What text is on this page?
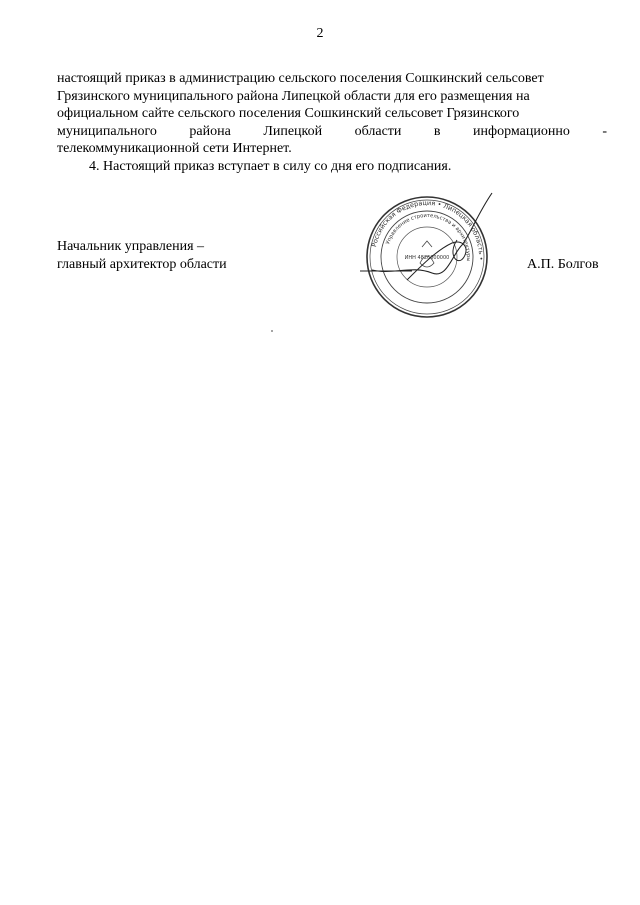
2

настоящий приказ в администрацию сельского поселения Сошкинский сельсовет

Грязинского муниципального района Липецкой области для его размещения на

официальном сайте сельского поселения Сошкинский сельсовет Грязинского

муниципального района Липецкой области в информационно -

телекоммуникационной сети Интернет.

4. Настоящий приказ вступает в силу со дня его подписания.

Начальник управления –
главный архитектор области	А.П. Болгов
Российская Федерация • Липецкая область •
Управление строительства и архитектуры
ИНН 4826000000
